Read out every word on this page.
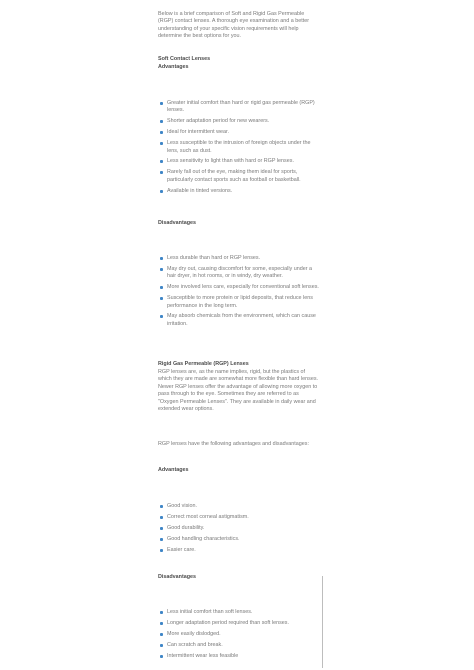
Below is a brief comparison of Soft and Rigid Gas Permeable (RGP) contact lenses. A thorough eye examination and a better understanding of your specific vision requirements will help determine the best options for you.

Soft Contact Lenses

Advantages

Greater initial comfort than hard or rigid gas permeable (RGP) lenses.
Shorter adaptation period for new wearers.
Ideal for intermittent wear.
Less susceptible to the intrusion of foreign objects under the lens, such as dust.
Less sensitivity to light than with hard or RGP lenses.
Rarely fall out of the eye, making them ideal for sports, particularly contact sports such as football or basketball.
Available in tinted versions.

Disadvantages

Less durable than hard or RGP lenses.
May dry out, causing discomfort for some, especially under a hair dryer, in hot rooms, or in windy, dry weather.
More involved lens care, especially for conventional soft lenses.
Susceptible to more protein or lipid deposits, that reduce lens performance in the long term.
May absorb chemicals from the environment, which can cause irritation.

Rigid Gas Permeable (RGP) Lenses

RGP lenses are, as the name implies, rigid, but the plastics of which they are made are somewhat more flexible than hard lenses. Newer RGP lenses offer the advantage of allowing more oxygen to pass through to the eye. Sometimes they are referred to as "Oxygen Permeable Lenses". They are available in daily wear and extended wear options.

RGP lenses have the following advantages and disadvantages:

Advantages

Good vision.
Correct most corneal astigmatism.
Good durability.
Good handling characteristics.
Easier care.

Disadvantages

Less initial comfort than soft lenses.
Longer adaptation period required than soft lenses.
More easily dislodged.
Can scratch and break.
Intermittent wear less feasible
